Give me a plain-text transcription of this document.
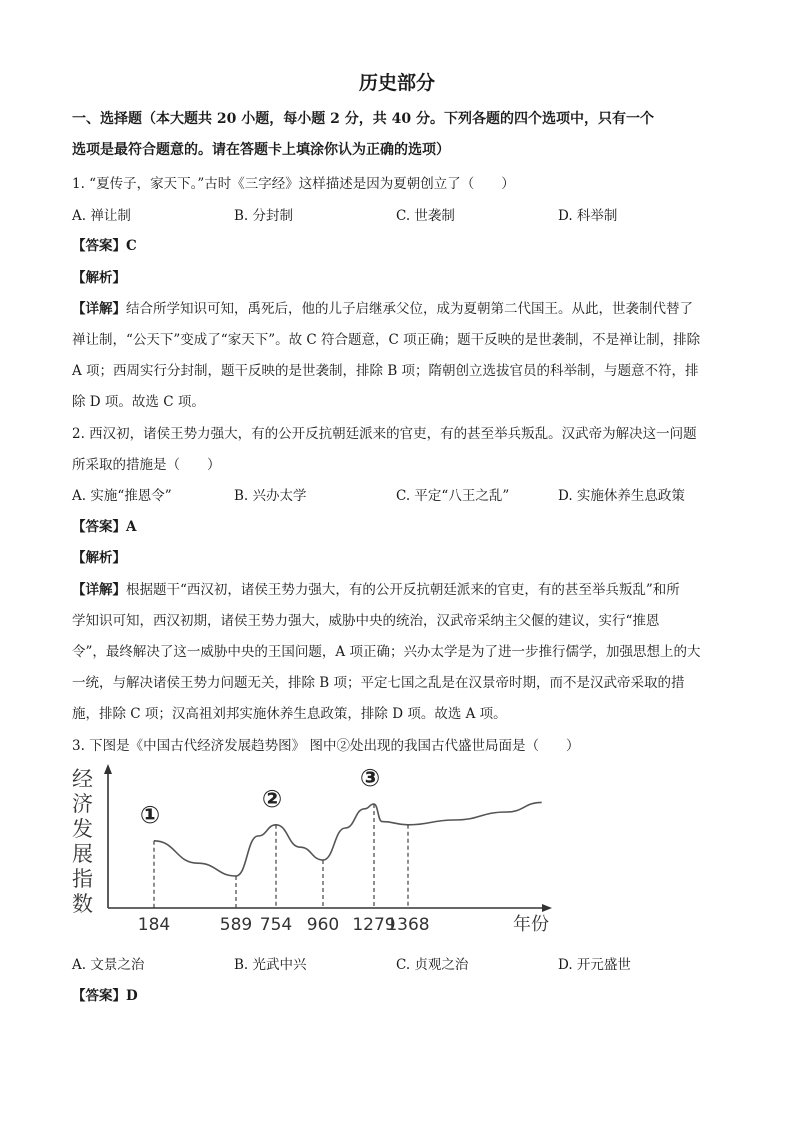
历史部分
一、选择题（本大题共 20 小题，每小题 2 分，共 40 分。下列各题的四个选项中，只有一个
选项是最符合题意的。请在答题卡上填涂你认为正确的选项）
1. “夏传子，家天下。”古时《三字经》这样描述是因为夏朝创立了（　　）
A. 禅让制	B. 分封制	C. 世袭制	D. 科举制
【答案】C
【解析】
【详解】结合所学知识可知，禹死后，他的儿子启继承父位，成为夏朝第二代国王。从此，世袭制代替了
禅让制，“公天下”变成了“家天下”。故 C 符合题意，C 项正确；题干反映的是世袭制，不是禅让制，排除
A 项；西周实行分封制，题干反映的是世袭制，排除 B 项；隋朝创立选拔官员的科举制，与题意不符，排
除 D 项。故选 C 项。
2. 西汉初，诸侯王势力强大，有的公开反抗朝廷派来的官吏，有的甚至举兵叛乱。汉武帝为解决这一问题
所采取的措施是（　　）
A. 实施“推恩令”	B. 兴办太学	C. 平定“八王之乱”	D. 实施休养生息政策
【答案】A
【解析】
【详解】根据题干“西汉初，诸侯王势力强大，有的公开反抗朝廷派来的官吏，有的甚至举兵叛乱”和所
学知识可知，西汉初期，诸侯王势力强大，威胁中央的统治，汉武帝采纳主父偃的建议，实行“推恩
令”，最终解决了这一威胁中央的王国问题，A 项正确；兴办太学是为了进一步推行儒学，加强思想上的大
一统，与解决诸侯王势力问题无关，排除 B 项；平定七国之乱是在汉景帝时期，而不是汉武帝采取的措
施，排除 C 项；汉高祖刘邦实施休养生息政策，排除 D 项。故选 A 项。
3. 下图是《中国古代经济发展趋势图》 图中②处出现的我国古代盛世局面是（　　）
经
济
发
展
指
数
184	589 754 960 1279
1368
①
②
③
年份
A. 文景之治	B. 光武中兴	C. 贞观之治	D. 开元盛世
【答案】D
